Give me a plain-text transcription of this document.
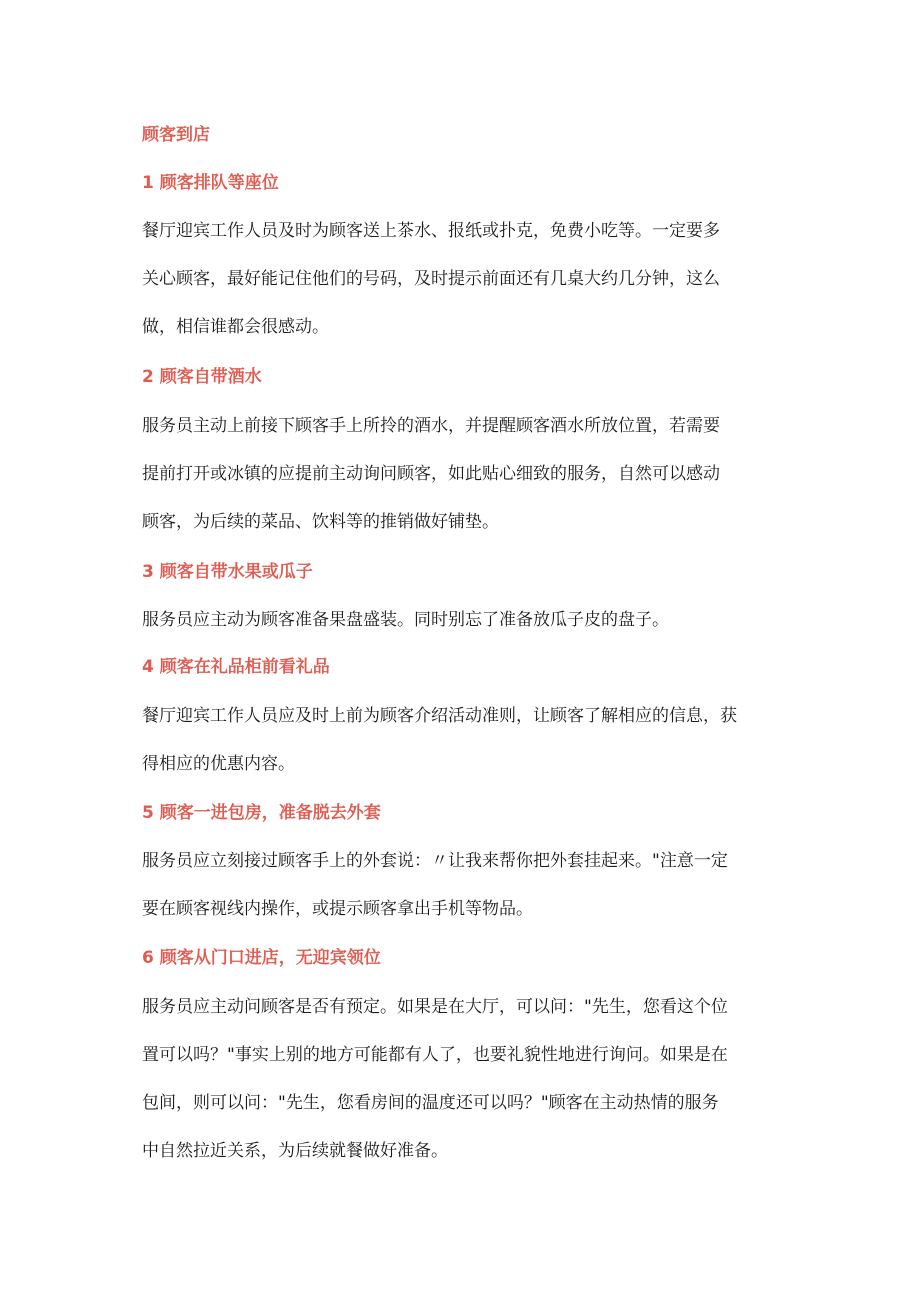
顾客到店
1 顾客排队等座位

餐厅迎宾工作人员及时为顾客送上茶水、报纸或扑克，免费小吃等。一定要多
关心顾客，最好能记住他们的号码，及时提示前面还有几桌大约几分钟，这么
做，相信谁都会很感动。

2 顾客自带酒水

服务员主动上前接下顾客手上所拎的酒水，并提醒顾客酒水所放位置，若需要
提前打开或冰镇的应提前主动询问顾客，如此贴心细致的服务，自然可以感动
顾客，为后续的菜品、饮料等的推销做好铺垫。

3 顾客自带水果或瓜子

服务员应主动为顾客准备果盘盛装。同时别忘了准备放瓜子皮的盘子。

4 顾客在礼品柜前看礼品

餐厅迎宾工作人员应及时上前为顾客介绍活动准则，让顾客了解相应的信息，获
得相应的优惠内容。

5 顾客一进包房，准备脱去外套

服务员应立刻接过顾客手上的外套说：〃让我来帮你把外套挂起来。"注意一定
要在顾客视线内操作，或提示顾客拿出手机等物品。

6 顾客从门口进店，无迎宾领位

服务员应主动问顾客是否有预定。如果是在大厅，可以问："先生，您看这个位
置可以吗？"事实上别的地方可能都有人了，也要礼貌性地进行询问。如果是在
包间，则可以问："先生，您看房间的温度还可以吗？"顾客在主动热情的服务
中自然拉近关系，为后续就餐做好准备。
